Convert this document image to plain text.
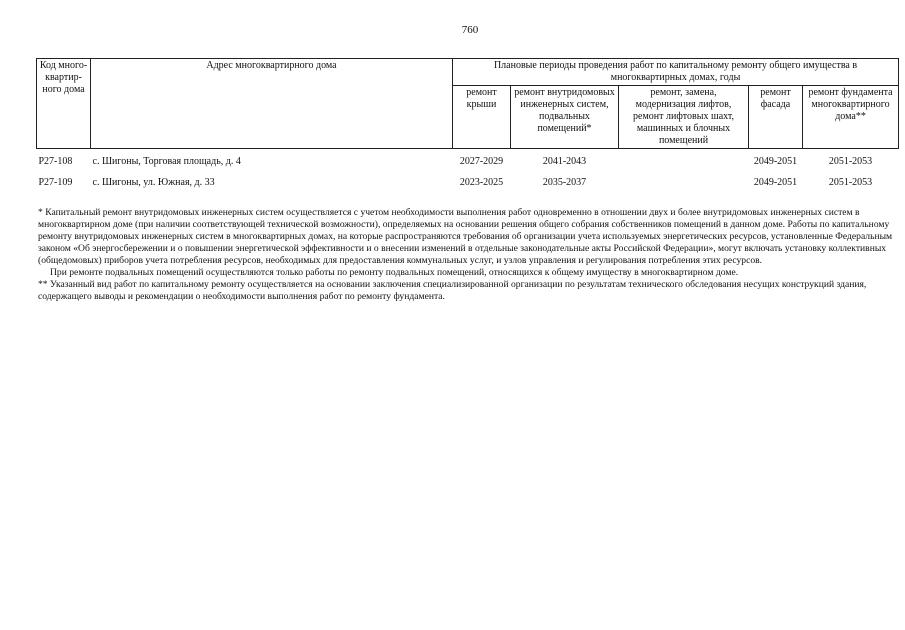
760
Код много-квартир-ного дома	Адрес многоквартирного дома	Плановые периоды проведения работ по капитальному ремонту общего имущества в многоквартирных домах, годы				
		ремонт крыши	ремонт внутридомовых инженерных систем, подвальных помещений*	ремонт, замена, модернизация лифтов, ремонт лифтовых шахт, машинных и блочных помещений	ремонт фасада	ремонт фундамента многоквартирного дома**
Р27-108	с. Шигоны, Торговая площадь, д. 4	2027-2029	2041-2043		2049-2051	2051-2053
Р27-109	с. Шигоны, ул. Южная, д. 33	2023-2025	2035-2037		2049-2051	2051-2053

* Капитальный ремонт внутридомовых инженерных систем осуществляется с учетом необходимости выполнения работ одновременно в отношении двух и более внутридомовых инженерных систем в многоквартирном доме (при наличии соответствующей технической возможности), определяемых на основании решения общего собрания собственников помещений в данном доме. Работы по капитальному ремонту внутридомовых инженерных систем в многоквартирных домах, на которые распространяются требования об организации учета используемых энергетических ресурсов, установленные Федеральным законом «Об энергосбережении и о повышении энергетической эффективности и о внесении изменений в отдельные законодательные акты Российской Федерации», могут включать установку коллективных (общедомовых) приборов учета потребления ресурсов, необходимых для предоставления коммунальных услуг, и узлов управления и регулирования потребления этих ресурсов.

При ремонте подвальных помещений осуществляются только работы по ремонту подвальных помещений, относящихся к общему имуществу в многоквартирном доме.

** Указанный вид работ по капитальному ремонту осуществляется на основании заключения специализированной организации по результатам технического обследования несущих конструкций здания, содержащего выводы и рекомендации о необходимости выполнения работ по ремонту фундамента.
